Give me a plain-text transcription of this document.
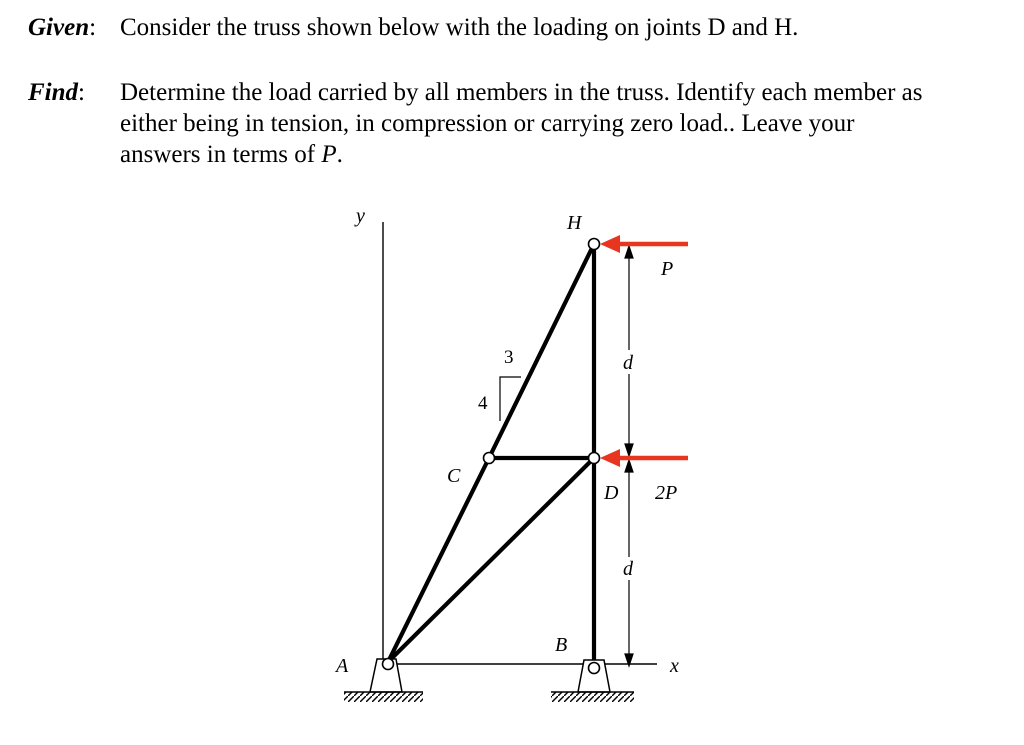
Given: Consider the truss shown below with the loading on joints D and H.
Find: Determine the load carried by all members in the truss. Identify each member as
either being in tension, in compression or carrying zero load.. Leave your
answers in terms of P.
y
x
3
4
A
B
C
D
H
d
d
P
2P
